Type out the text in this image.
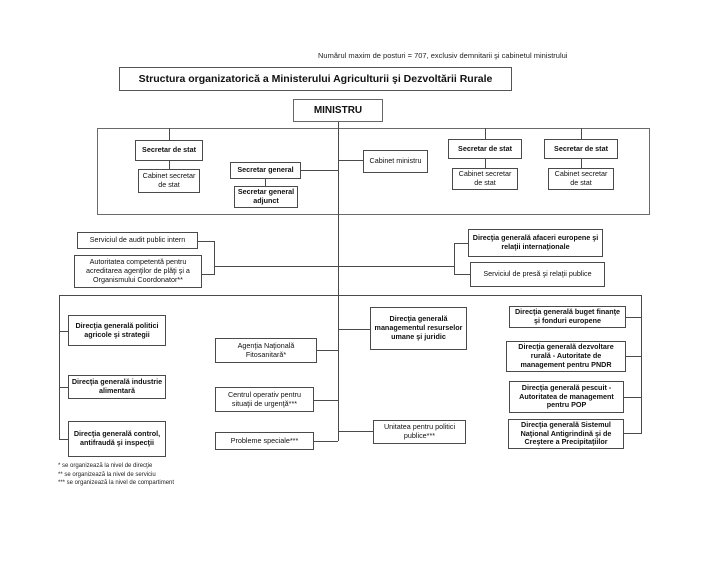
Numărul maxim de posturi = 707, exclusiv demnitarii şi cabinetul ministrului
Structura organizatorică a Ministerului Agriculturii şi Dezvoltării Rurale
MINISTRU
Secretar de stat
Cabinet secretar de stat
Secretar general
Secretar general adjunct
Cabinet ministru
Secretar de stat
Cabinet secretar de stat
Secretar de stat
Cabinet secretar de stat
Serviciul de audit public intern
Autoritatea competentă pentru acreditarea agenţilor de plăţi şi a Organismului Coordonator**
Direcţia generală afaceri europene şi relaţii internaţionale
Serviciul de presă şi relaţii publice
Direcţia generală politici agricole şi strategii
Direcţia generală industrie alimentară
Direcţia generală control, antifraudă şi inspecţii
Agenţia Naţională Fitosanitară*
Centrul operativ pentru situaţii de urgenţă***
Probleme speciale***
Direcţia generală managementul resurselor umane şi juridic
Unitatea pentru politici publice***
Direcţia generală buget finanţe şi fonduri europene
Direcţia generală dezvoltare rurală - Autoritate de management pentru PNDR
Direcţia generală pescuit - Autoritatea de management pentru POP
Direcţia generală Sistemul Naţional Antigrindină şi de Creştere a Precipitaţiilor
* se organizează la nivel de direcţie
** se organizează la nivel de serviciu
*** se organizează la nivel de compartiment
